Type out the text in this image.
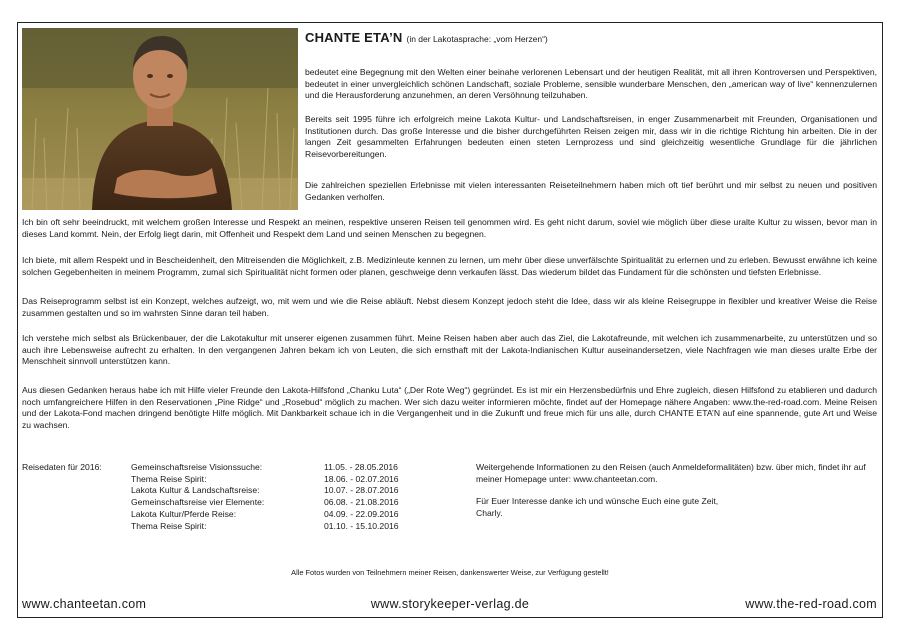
CHANTE ETA’N (in der Lakotasprache: „vom Herzen“)

bedeutet eine Begegnung mit den Welten einer beinahe verlorenen Lebensart und der heutigen Realität, mit all ihren Kontroversen und Perspektiven, bedeutet in einer unvergleichlich schönen Landschaft, soziale Probleme, sensible wunderbare Menschen, den „american way of live“ kennenzulernen und die Herausforderung anzunehmen, an deren Versöhnung teilzuhaben.

Bereits seit 1995 führe ich erfolgreich meine Lakota Kultur- und Landschaftsreisen, in enger Zusammenarbeit mit Freunden, Organisationen und Institutionen durch. Das große Interesse und die bisher durchgeführten Reisen zeigen mir, dass wir in die richtige Richtung hin arbeiten. Die in der langen Zeit gesammelten Erfahrungen bedeuten einen steten Lernprozess und sind gleichzeitig wesentliche Grundlage für die jährlichen Reisevorbereitungen.

Die zahlreichen speziellen Erlebnisse mit vielen interessanten Reiseteilnehmern haben mich oft tief berührt und mir selbst zu neuen und positiven Gedanken verholfen.

Ich bin oft sehr beeindruckt, mit welchem großen Interesse und Respekt an meinen, respektive unseren Reisen teil genommen wird. Es geht nicht darum, soviel wie möglich über diese uralte Kultur zu wissen, bevor man in dieses Land kommt. Nein, der Erfolg liegt darin, mit Offenheit und Respekt dem Land und seinen Menschen zu begegnen.

Ich biete, mit allem Respekt und in Bescheidenheit, den Mitreisenden die Möglichkeit, z.B. Medizinleute kennen zu lernen, um mehr über diese unverfälschte Spiritualität zu erlernen und zu erleben. Bewusst erwähne ich keine solchen Gegebenheiten in meinem Programm, zumal sich Spiritualität nicht formen oder planen, geschweige denn verkaufen lässt. Das wiederum bildet das Fundament für die schönsten und tiefsten Erlebnisse.

Das Reiseprogramm selbst ist ein Konzept, welches aufzeigt, wo, mit wem und wie die Reise abläuft. Nebst diesem Konzept jedoch steht die Idee, dass wir als kleine Reisegruppe in flexibler und kreativer Weise die Reise zusammen gestalten und so im wahrsten Sinne daran teil haben.

Ich verstehe mich selbst als Brückenbauer, der die Lakotakultur mit unserer eigenen zusammen führt. Meine Reisen haben aber auch das Ziel, die Lakotafreunde, mit welchen ich zusammenarbeite, zu unterstützen und so auch ihre Lebensweise aufrecht zu erhalten. In den vergangenen Jahren bekam ich von Leuten, die sich ernsthaft mit der Lakota-Indianischen Kultur auseinandersetzen, viele Nachfragen wie man dieses uralte Erbe der Menschheit sinnvoll unterstützen kann.

Aus diesen Gedanken heraus habe ich mit Hilfe vieler Freunde den Lakota-Hilfsfond „Chanku Luta“ („Der Rote Weg“) gegründet. Es ist mir ein Herzensbedürfnis und Ehre zugleich, diesen Hilfsfond zu etablieren und dadurch noch umfangreichere Hilfen in den Reservationen „Pine Ridge“ und „Rosebud“ möglich zu machen. Wer sich dazu weiter informieren möchte, findet auf der Homepage nähere Angaben: www.the-red-road.com. Meine Reisen und der Lakota-Fond machen dringend benötigte Hilfe möglich. Mit Dankbarkeit schaue ich in die Vergangenheit und in die Zukunft und freue mich für uns alle, durch CHANTE ETA’N auf eine spannende, gute Art und Weise zu wachsen.

Reisedaten für 2016:	Gemeinschaftsreise Visionssuche:	11.05. - 28.05.2016
Thema Reise Spirit:	18.06. - 02.07.2016
Lakota Kultur & Landschaftsreise:	10.07. - 28.07.2016
Gemeinschaftsreise vier Elemente:	06.08. - 21.08.2016
Lakota Kultur/Pferde Reise:	04.09. - 22.09.2016
Thema Reise Spirit:	01.10. - 15.10.2016

Weitergehende Informationen zu den Reisen (auch Anmeldeformalitäten) bzw. über mich, findet ihr auf meiner Homepage unter: www.chanteetan.com.

Für Euer Interesse danke ich und wünsche Euch eine gute Zeit,

Charly.

Alle Fotos wurden von Teilnehmern meiner Reisen, dankenswerter Weise, zur Verfügung gestellt!
www.chanteetan.com	www.storykeeper-verlag.de	www.the-red-road.com
